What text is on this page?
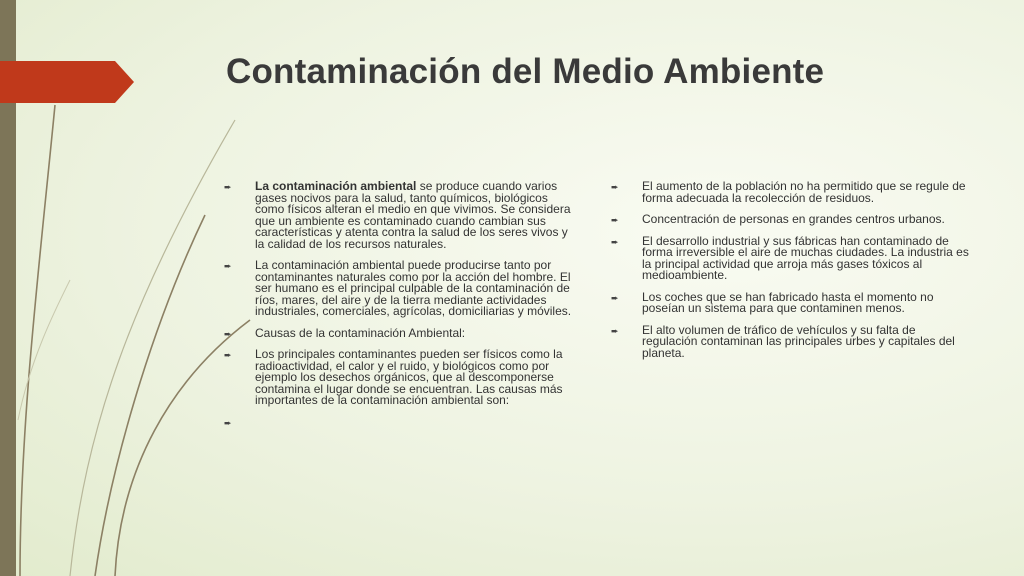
Contaminación del Medio Ambiente
➨ La contaminación ambiental se produce cuando varios gases nocivos para la salud, tanto químicos, biológicos como físicos alteran el medio en que vivimos. Se considera que un ambiente es contaminado cuando cambian sus características y atenta contra la salud de los seres vivos y la calidad de los recursos naturales.
➨ La contaminación ambiental puede producirse tanto por contaminantes naturales como por la acción del hombre. El ser humano es el principal culpable de la contaminación de ríos, mares, del aire y de la tierra mediante actividades industriales, comerciales, agrícolas, domiciliarias y móviles.
➨ Causas de la contaminación Ambiental:
➨ Los principales contaminantes pueden ser físicos como la radioactividad, el calor y el ruido, y biológicos como por ejemplo los desechos orgánicos, que al descomponerse contamina el lugar donde se encuentran. Las causas más importantes de la contaminación ambiental son:
➨
➨ El aumento de la población no ha permitido que se regule de forma adecuada la recolección de residuos.
➨ Concentración de personas en grandes centros urbanos.
➨ El desarrollo industrial y sus fábricas han contaminado de forma irreversible el aire de muchas ciudades. La industria es la principal actividad que arroja más gases tóxicos al medioambiente.
➨ Los coches que se han fabricado hasta el momento no poseían un sistema para que contaminen menos.
➨ El alto volumen de tráfico de vehículos y su falta de regulación contaminan las principales urbes y capitales del planeta.
